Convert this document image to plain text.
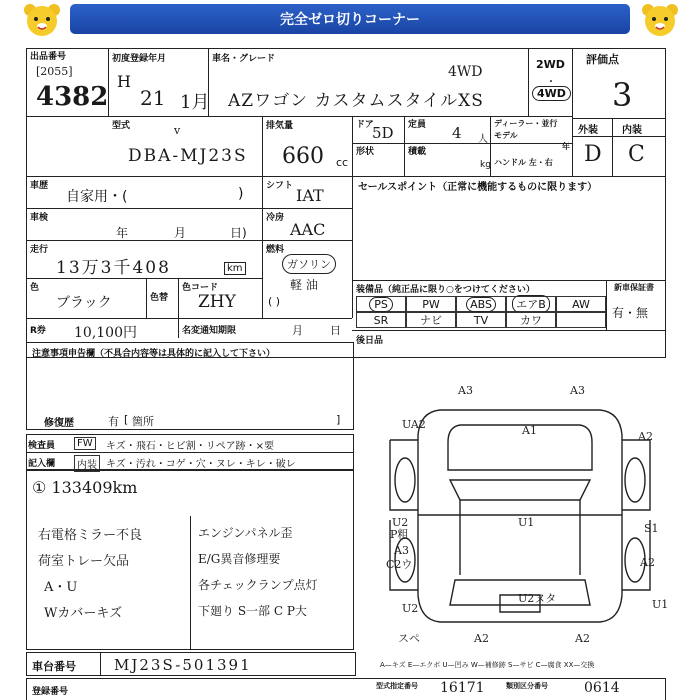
完全ゼロ切りコーナー
出品番号
[2055]
4382
初度登録年月
H
21 1月
車名・グレード
4WD
AZワゴン カスタムスタイルXS
2WD
・
4WD
評価点
3
型式	v
DBA-MJ23S
排気量
660 cc
ドア
5D 定員 4 人
ディーラー・並行
モデル
年
形状	積載
kg ハンドル 左・右
外装 内装
D C
車歴
自家用・(	)	シフト IAT	セールスポイント（正常に機能するものに限ります）
車検
年	月	日)
冷房
AAC
走行
13万3千408	km
燃料
ガソリン
軽 油
( )
色
ブラック	色替
色コード
ZHY
装備品（純正品に限り○をつけてください）	新車保証書
有・無
PS	PW	ABS	エアB	AW
SR	ナビ	TV	カワ
R券 10,100円	名変通知期限	月 日
後日品
注意事項申告欄（不具合内容等は具体的に記入して下さい）
修復歴	有 [ 箇所	]
検査員	FW	キズ・飛石・ヒビ割・リペア跡・×要
記入欄	内装 キズ・汚れ・コゲ・穴・ヌレ・キレ・破レ
① 133409km
右電格ミラー不良
荷室トレー欠品
A・U
Wカバーキズ
エンジンパネル歪
E/G異音修理要
各チェックランプ点灯
下廻り S一部 C P大
A3	A3
A1
UA2
A2
U2
P粗
A3
C2ウ
U1	S1
A2
U2ヌタ
U2
スペ	A2	A2
U1
A—キズ E—エクボ U—凹み W—補修跡 S—サビ C—腐食 XX—交換
車台番号	MJ23S-501391
登録番号
型式指定番号 16171	類別区分番号	0614
